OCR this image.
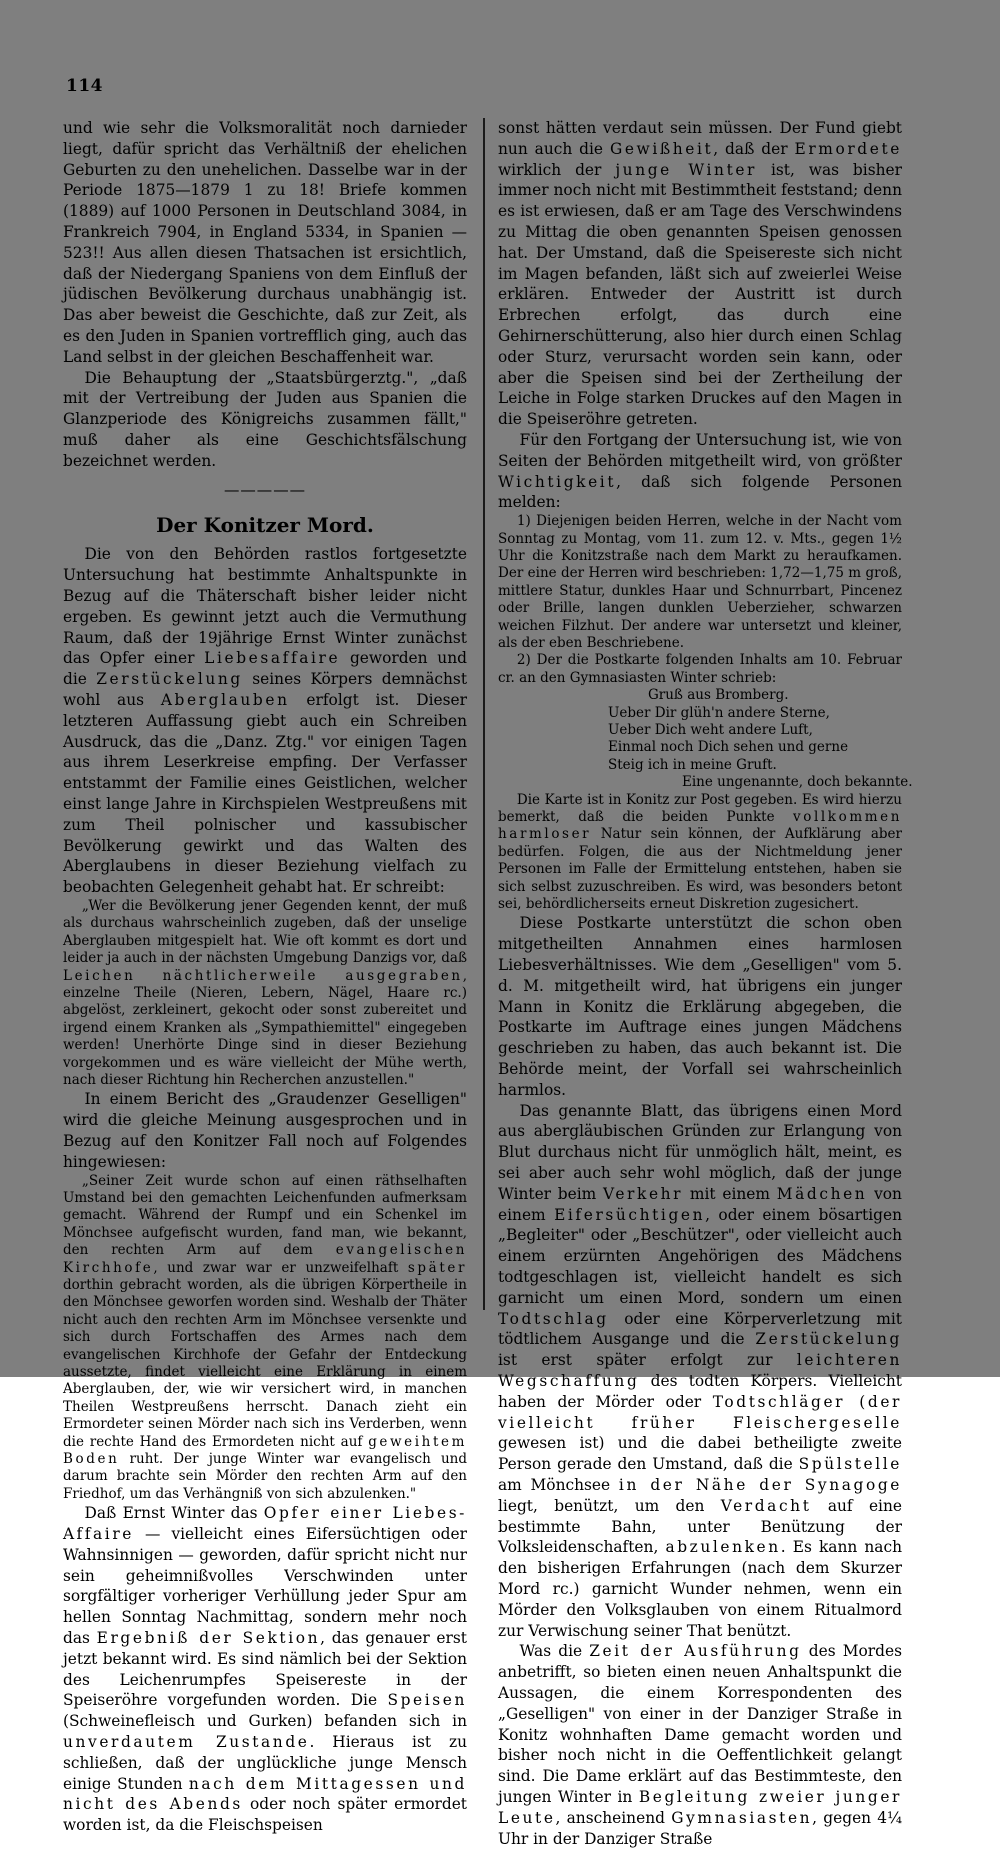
114

und wie sehr die Volksmoralität noch darnieder liegt, dafür spricht das Verhältniß der ehelichen Geburten zu den unehelichen. Dasselbe war in der Periode 1875—1879 1 zu 18! Briefe kommen (1889) auf 1000 Personen in Deutschland 3084, in Frankreich 7904, in England 5334, in Spanien — 523!! Aus allen diesen Thatsachen ist ersichtlich, daß der Niedergang Spaniens von dem Einfluß der jüdischen Bevölkerung durchaus unabhängig ist. Das aber beweist die Geschichte, daß zur Zeit, als es den Juden in Spanien vortrefflich ging, auch das Land selbst in der gleichen Beschaffenheit war.

Die Behauptung der „Staatsbürgerztg.", „daß mit der Vertreibung der Juden aus Spanien die Glanzperiode des Königreichs zusammen fällt," muß daher als eine Geschichtsfälschung bezeichnet werden.

—————
Der Konitzer Mord.

Die von den Behörden rastlos fortgesetzte Untersuchung hat bestimmte Anhaltspunkte in Bezug auf die Thäterschaft bisher leider nicht ergeben. Es gewinnt jetzt auch die Vermuthung Raum, daß der 19jährige Ernst Winter zunächst das Opfer einer Liebesaffaire geworden und die Zerstückelung seines Körpers demnächst wohl aus Aberglauben erfolgt ist. Dieser letzteren Auffassung giebt auch ein Schreiben Ausdruck, das die „Danz. Ztg." vor einigen Tagen aus ihrem Leserkreise empfing. Der Verfasser entstammt der Familie eines Geistlichen, welcher einst lange Jahre in Kirchspielen Westpreußens mit zum Theil polnischer und kassubischer Bevölkerung gewirkt und das Walten des Aberglaubens in dieser Beziehung vielfach zu beobachten Gelegenheit gehabt hat. Er schreibt:

„Wer die Bevölkerung jener Gegenden kennt, der muß als durchaus wahrscheinlich zugeben, daß der unselige Aberglauben mitgespielt hat. Wie oft kommt es dort und leider ja auch in der nächsten Umgebung Danzigs vor, daß Leichen nächtlicherweile ausgegraben, einzelne Theile (Nieren, Lebern, Nägel, Haare rc.) abgelöst, zerkleinert, gekocht oder sonst zubereitet und irgend einem Kranken als „Sympathiemittel" eingegeben werden! Unerhörte Dinge sind in dieser Beziehung vorgekommen und es wäre vielleicht der Mühe werth, nach dieser Richtung hin Recherchen anzustellen."

In einem Bericht des „Graudenzer Geselligen" wird die gleiche Meinung ausgesprochen und in Bezug auf den Konitzer Fall noch auf Folgendes hingewiesen:

„Seiner Zeit wurde schon auf einen räthselhaften Umstand bei den gemachten Leichenfunden aufmerksam gemacht. Während der Rumpf und ein Schenkel im Mönchsee aufgefischt wurden, fand man, wie bekannt, den rechten Arm auf dem evangelischen Kirchhofe, und zwar war er unzweifelhaft später dorthin gebracht worden, als die übrigen Körpertheile in den Mönchsee geworfen worden sind. Weshalb der Thäter nicht auch den rechten Arm im Mönchsee versenkte und sich durch Fortschaffen des Armes nach dem evangelischen Kirchhofe der Gefahr der Entdeckung aussetzte, findet vielleicht eine Erklärung in einem Aberglauben, der, wie wir versichert wird, in manchen Theilen Westpreußens herrscht. Danach zieht ein Ermordeter seinen Mörder nach sich ins Verderben, wenn die rechte Hand des Ermordeten nicht auf geweihtem Boden ruht. Der junge Winter war evangelisch und darum brachte sein Mörder den rechten Arm auf den Friedhof, um das Verhängniß von sich abzulenken."

Daß Ernst Winter das Opfer einer Liebes-Affaire — vielleicht eines Eifersüchtigen oder Wahnsinnigen — geworden, dafür spricht nicht nur sein geheimnißvolles Verschwinden unter sorgfältiger vorheriger Verhüllung jeder Spur am hellen Sonntag Nachmittag, sondern mehr noch das Ergebniß der Sektion, das genauer erst jetzt bekannt wird. Es sind nämlich bei der Sektion des Leichenrumpfes Speisereste in der Speiseröhre vorgefunden worden. Die Speisen (Schweinefleisch und Gurken) befanden sich in unverdautem Zustande. Hieraus ist zu schließen, daß der unglückliche junge Mensch einige Stunden nach dem Mittagessen und nicht des Abends oder noch später ermordet worden ist, da die Fleischspeisen

sonst hätten verdaut sein müssen. Der Fund giebt nun auch die Gewißheit, daß der Ermordete wirklich der junge Winter ist, was bisher immer noch nicht mit Bestimmtheit feststand; denn es ist erwiesen, daß er am Tage des Verschwindens zu Mittag die oben genannten Speisen genossen hat. Der Umstand, daß die Speisereste sich nicht im Magen befanden, läßt sich auf zweierlei Weise erklären. Entweder der Austritt ist durch Erbrechen erfolgt, das durch eine Gehirnerschütterung, also hier durch einen Schlag oder Sturz, verursacht worden sein kann, oder aber die Speisen sind bei der Zertheilung der Leiche in Folge starken Druckes auf den Magen in die Speiseröhre getreten.

Für den Fortgang der Untersuchung ist, wie von Seiten der Behörden mitgetheilt wird, von größter Wichtigkeit, daß sich folgende Personen melden:

1) Diejenigen beiden Herren, welche in der Nacht vom Sonntag zu Montag, vom 11. zum 12. v. Mts., gegen 1½ Uhr die Konitzstraße nach dem Markt zu heraufkamen. Der eine der Herren wird beschrieben: 1,72—1,75 m groß, mittlere Statur, dunkles Haar und Schnurrbart, Pincenez oder Brille, langen dunklen Ueberzieher, schwarzen weichen Filzhut. Der andere war untersetzt und kleiner, als der eben Beschriebene.

2) Der die Postkarte folgenden Inhalts am 10. Februar cr. an den Gymnasiasten Winter schrieb:

Gruß aus Bromberg.
Ueber Dir glüh'n andere Sterne,
Ueber Dich weht andere Luft,
Einmal noch Dich sehen und gerne
Steig ich in meine Gruft.
Eine ungenannte, doch bekannte.

Die Karte ist in Konitz zur Post gegeben. Es wird hierzu bemerkt, daß die beiden Punkte vollkommen harmloser Natur sein können, der Aufklärung aber bedürfen. Folgen, die aus der Nichtmeldung jener Personen im Falle der Ermittelung entstehen, haben sie sich selbst zuzuschreiben. Es wird, was besonders betont sei, behördlicherseits erneut Diskretion zugesichert.

Diese Postkarte unterstützt die schon oben mitgetheilten Annahmen eines harmlosen Liebesverhältnisses. Wie dem „Geselligen" vom 5. d. M. mitgetheilt wird, hat übrigens ein junger Mann in Konitz die Erklärung abgegeben, die Postkarte im Auftrage eines jungen Mädchens geschrieben zu haben, das auch bekannt ist. Die Behörde meint, der Vorfall sei wahrscheinlich harmlos.

Das genannte Blatt, das übrigens einen Mord aus abergläubischen Gründen zur Erlangung von Blut durchaus nicht für unmöglich hält, meint, es sei aber auch sehr wohl möglich, daß der junge Winter beim Verkehr mit einem Mädchen von einem Eifersüchtigen, oder einem bösartigen „Begleiter" oder „Beschützer", oder vielleicht auch einem erzürnten Angehörigen des Mädchens todtgeschlagen ist, vielleicht handelt es sich garnicht um einen Mord, sondern um einen Todtschlag oder eine Körperverletzung mit tödtlichem Ausgange und die Zerstückelung ist erst später erfolgt zur leichteren Wegschaffung des todten Körpers. Vielleicht haben der Mörder oder Todtschläger (der vielleicht früher Fleischergeselle gewesen ist) und die dabei betheiligte zweite Person gerade den Umstand, daß die Spülstelle am Mönchsee in der Nähe der Synagoge liegt, benützt, um den Verdacht auf eine bestimmte Bahn, unter Benützung der Volksleidenschaften, abzulenken. Es kann nach den bisherigen Erfahrungen (nach dem Skurzer Mord rc.) garnicht Wunder nehmen, wenn ein Mörder den Volksglauben von einem Ritualmord zur Verwischung seiner That benützt.

Was die Zeit der Ausführung des Mordes anbetrifft, so bieten einen neuen Anhaltspunkt die Aussagen, die einem Korrespondenten des „Geselligen" von einer in der Danziger Straße in Konitz wohnhaften Dame gemacht worden und bisher noch nicht in die Oeffentlichkeit gelangt sind. Die Dame erklärt auf das Bestimmteste, den jungen Winter in Begleitung zweier junger Leute, anscheinend Gymnasiasten, gegen 4¼ Uhr in der Danziger Straße
